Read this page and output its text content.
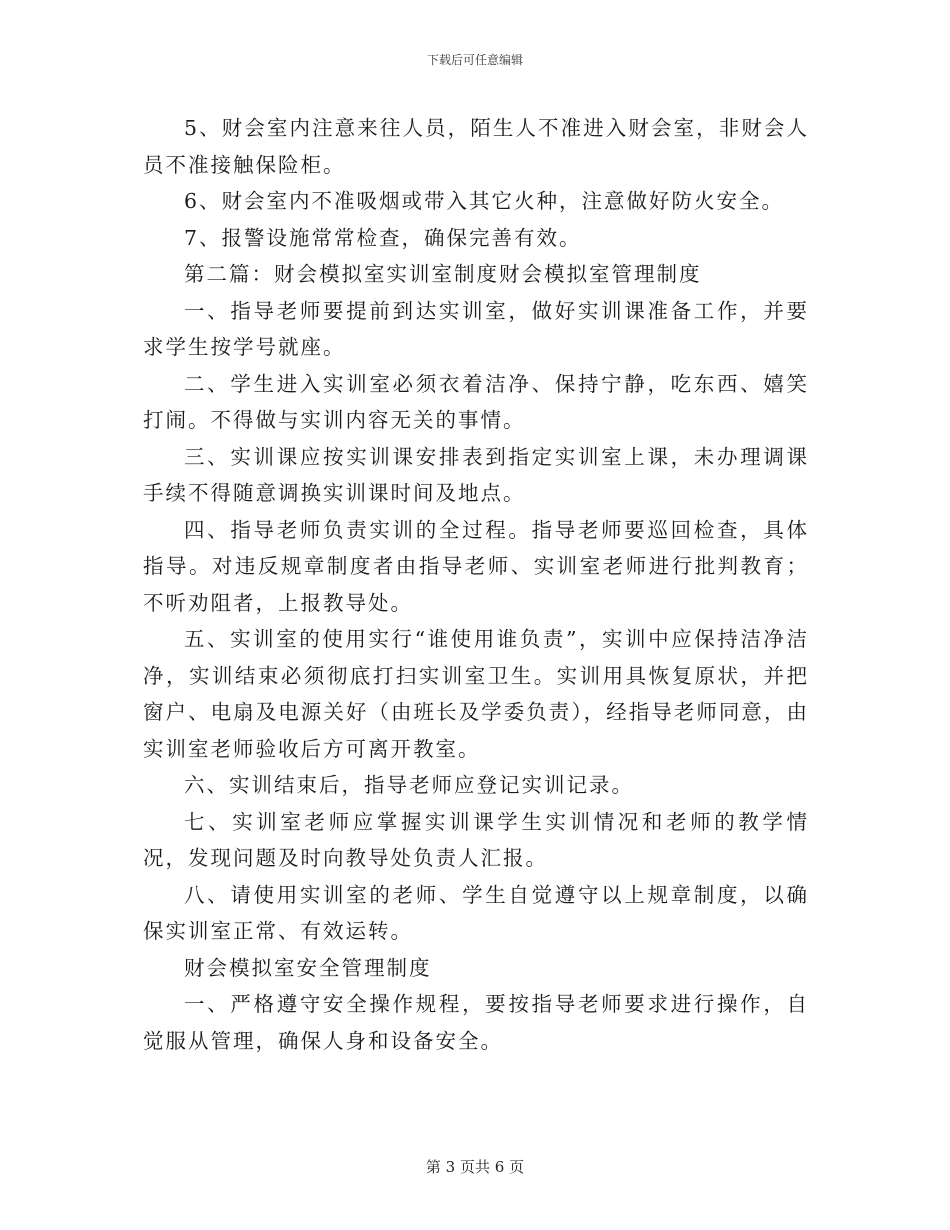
下载后可任意编辑

5、财会室内注意来往人员，陌生人不准进入财会室，非财会人员不准接触保险柜。

6、财会室内不准吸烟或带入其它火种，注意做好防火安全。

7、报警设施常常检查，确保完善有效。

第二篇：财会模拟室实训室制度财会模拟室管理制度

一、指导老师要提前到达实训室，做好实训课准备工作，并要求学生按学号就座。

二、学生进入实训室必须衣着洁净、保持宁静，吃东西、嬉笑打闹。不得做与实训内容无关的事情。

三、实训课应按实训课安排表到指定实训室上课，未办理调课手续不得随意调换实训课时间及地点。

四、指导老师负责实训的全过程。指导老师要巡回检查，具体指导。对违反规章制度者由指导老师、实训室老师进行批判教育；不听劝阻者，上报教导处。

五、实训室的使用实行“谁使用谁负责”，实训中应保持洁净洁净，实训结束必须彻底打扫实训室卫生。实训用具恢复原状，并把窗户、电扇及电源关好（由班长及学委负责），经指导老师同意，由实训室老师验收后方可离开教室。

六、实训结束后，指导老师应登记实训记录。

七、实训室老师应掌握实训课学生实训情况和老师的教学情况，发现问题及时向教导处负责人汇报。

八、请使用实训室的老师、学生自觉遵守以上规章制度，以确保实训室正常、有效运转。

财会模拟室安全管理制度

一、严格遵守安全操作规程，要按指导老师要求进行操作，自觉服从管理，确保人身和设备安全。

第 3 页共 6 页
